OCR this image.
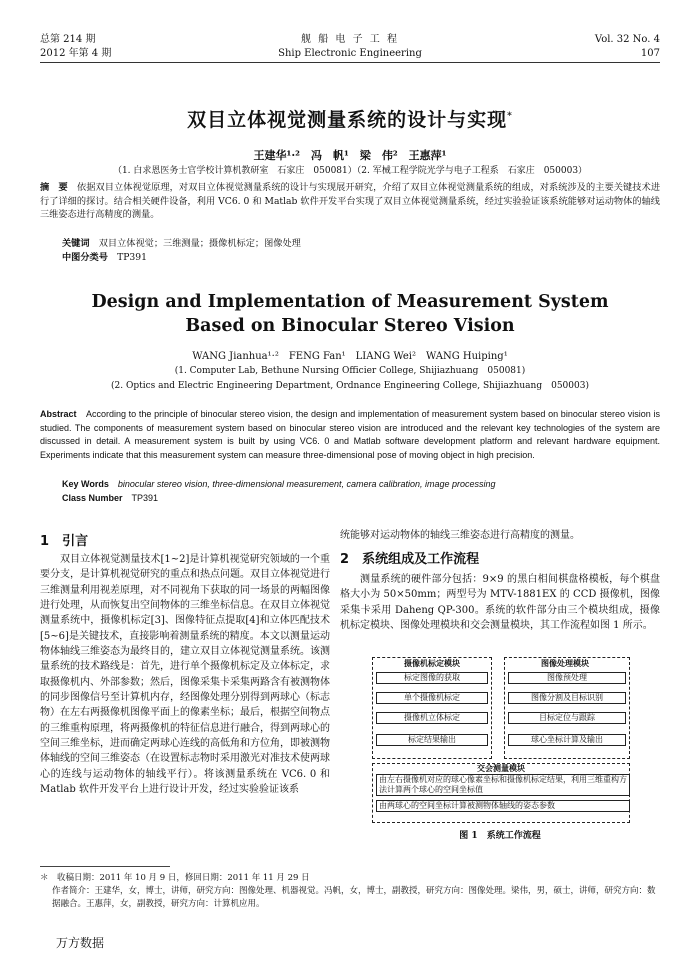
总第 214 期
2012 年第 4 期
舰 船 电 子 工 程
Ship Electronic Engineering
Vol. 32 No. 4
107
双目立体视觉测量系统的设计与实现*
王建华¹·²　冯　帆¹　梁　伟²　王惠萍¹
（1. 白求恩医务士官学校计算机教研室　石家庄　050081）（2. 军械工程学院光学与电子工程系　石家庄　050003）
摘　要　 依据双目立体视觉原理，对双目立体视觉测量系统的设计与实现展开研究，介绍了双目立体视觉测量系统的组成，对系统涉及的主要关键技术进行了详细的探讨。结合相关硬件设备，利用 VC6. 0 和 Matlab 软件开发平台实现了双目立体视觉测量系统，经过实验验证该系统能够对运动物体的轴线三维姿态进行高精度的测量。
关键词　 双目立体视觉；三维测量；摄像机标定；图像处理
中图分类号　 TP391
Design and Implementation of Measurement System Based on Binocular Stereo Vision
WANG Jianhua¹·²　FENG Fan¹　LIANG Wei²　WANG Huiping¹
(1. Computer Lab, Bethune Nursing Officier College, Shijiazhuang　050081)
(2. Optics and Electric Engineering Department, Ordnance Engineering College, Shijiazhuang　050003)
Abstract　 According to the principle of binocular stereo vision, the design and implementation of measurement system based on binocular stereo vision is studied. The components of measurement system based on binocular stereo vision are introduced and the relevant key technologies of the system are discussed in detail. A measurement system is built by using VC6. 0 and Matlab software development platform and relevant hardware equipment. Experiments indicate that this measurement system can measure three-dimensional pose of moving object in high precision.
Key Words　 binocular stereo vision, three-dimensional measurement, camera calibration, image processing
Class Number　 TP391
1　 引言
双目立体视觉测量技术[1~2]是计算机视觉研究领域的一个重要分支，是计算机视觉研究的重点和热点问题。双目立体视觉进行三维测量利用视差原理，对不同视角下获取的同一场景的两幅图像进行处理，从而恢复出空间物体的三维坐标信息。在双目立体视觉测量系统中，摄像机标定[3]、图像特征点提取[4]和立体匹配技术[5~6]是关键技术，直接影响着测量系统的精度。本文以测量运动物体轴线三维姿态为最终目的，建立双目立体视觉测量系统。该测量系统的技术路线是：首先，进行单个摄像机标定及立体标定，求取摄像机内、外部参数；然后，图像采集卡采集两路含有被测物体的同步图像信号至计算机内存，经图像处理分别得到两球心（标志物）在左右两摄像机图像平面上的像素坐标；最后，根据空间物点的三维重构原理，将两摄像机的特征信息进行融合，得到两球心的空间三维坐标，进而确定两球心连线的高低角和方位角，即被测物体轴线的空间三维姿态（在设置标志物时采用激光对准技术使两球心的连线与运动物体的轴线平行）。将该测量系统在 VC6. 0 和 Matlab 软件开发平台上进行设计开发，经过实验验证该系
统能够对运动物体的轴线三维姿态进行高精度的测量。
2　 系统组成及工作流程
测量系统的硬件部分包括：9×9 的黑白相间棋盘格模板，每个棋盘格大小为 50×50mm；两型号为 MTV-1881EX 的 CCD 摄像机，图像采集卡采用 Daheng QP-300。系统的软件部分由三个模块组成，摄像机标定模块、图像处理模块和交会测量模块，其工作流程如图 1 所示。
摄像机标定模块	图像处理模块
标定图像的获取
单个摄像机标定
摄像机立体标定
标定结果输出
图像预处理
图像分割及目标识别
目标定位与跟踪
球心坐标计算及输出
交会测量模块
由左右摄像机对应的球心像素坐标和摄像机标定结果，利用三维重构方法计算两个球心的空间坐标值
由两球心的空间坐标计算被测物体轴线的姿态参数
图 1　系统工作流程
＊　收稿日期：2011 年 10 月 9 日，修回日期：2011 年 11 月 29 日
作者简介：王建华，女，博士，讲师，研究方向：图像处理、机器视觉。冯帆，女，博士，副教授，研究方向：图像处理。梁伟，男，硕士，讲师，研究方向：数据融合。王惠萍，女，副教授，研究方向：计算机应用。
万方数据
